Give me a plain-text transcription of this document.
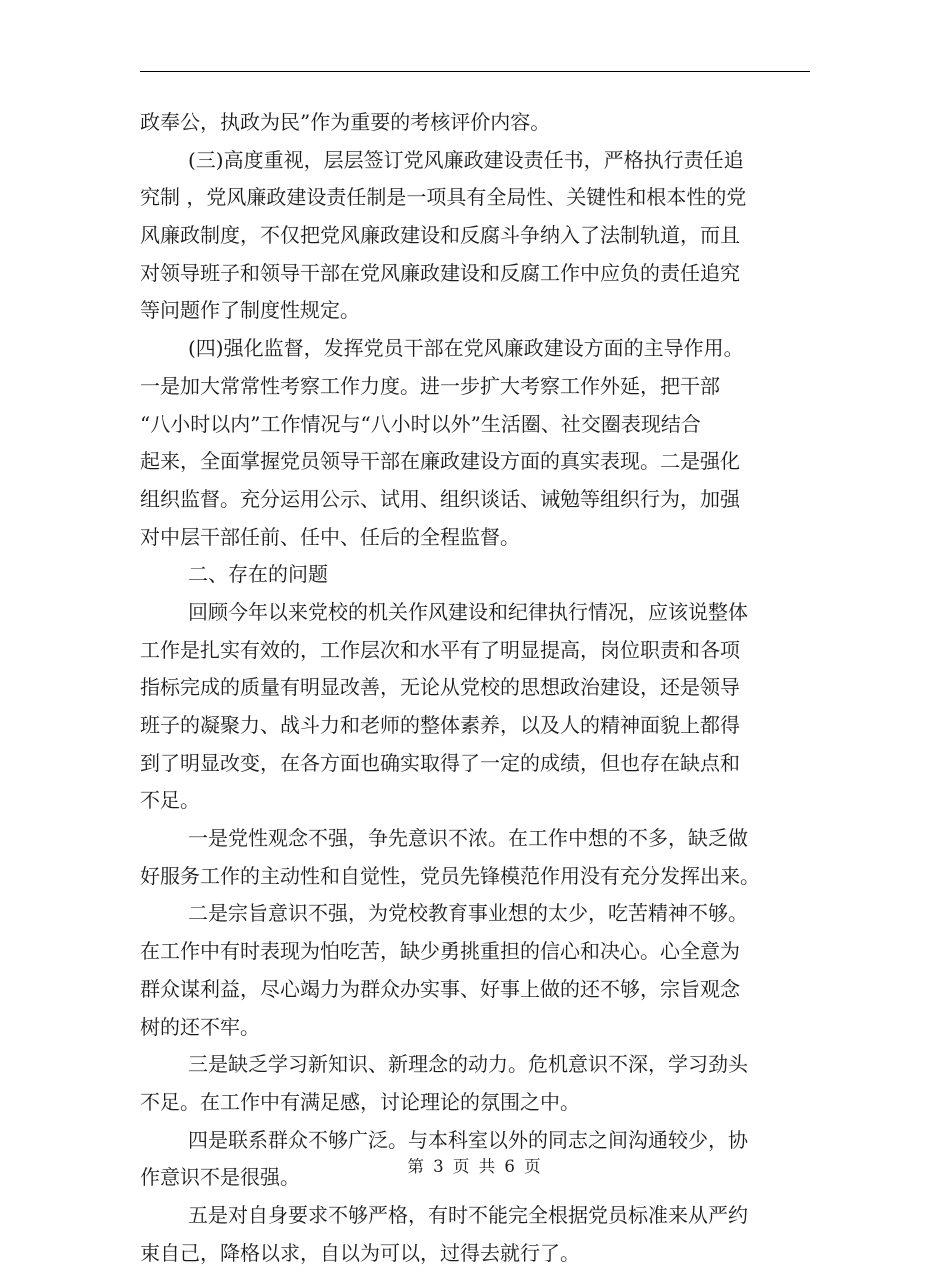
政奉公，执政为民”作为重要的考核评价内容。
(三)高度重视，层层签订党风廉政建设责任书，严格执行责任追
究制 ，党风廉政建设责任制是一项具有全局性、关键性和根本性的党
风廉政制度，不仅把党风廉政建设和反腐斗争纳入了法制轨道，而且
对领导班子和领导干部在党风廉政建设和反腐工作中应负的责任追究
等问题作了制度性规定。
(四)强化监督，发挥党员干部在党风廉政建设方面的主导作用。
一是加大常常性考察工作力度。进一步扩大考察工作外延，把干部
“八小时以内”工作情况与“八小时以外”生活圈、社交圈表现结合
起来，全面掌握党员领导干部在廉政建设方面的真实表现。二是强化
组织监督。充分运用公示、试用、组织谈话、诫勉等组织行为，加强
对中层干部任前、任中、任后的全程监督。
二、存在的问题
回顾今年以来党校的机关作风建设和纪律执行情况，应该说整体
工作是扎实有效的，工作层次和水平有了明显提高，岗位职责和各项
指标完成的质量有明显改善，无论从党校的思想政治建设，还是领导
班子的凝聚力、战斗力和老师的整体素养，以及人的精神面貌上都得
到了明显改变，在各方面也确实取得了一定的成绩，但也存在缺点和
不足。
一是党性观念不强，争先意识不浓。在工作中想的不多，缺乏做
好服务工作的主动性和自觉性，党员先锋模范作用没有充分发挥出来。
二是宗旨意识不强，为党校教育事业想的太少，吃苦精神不够。
在工作中有时表现为怕吃苦，缺少勇挑重担的信心和决心。心全意为
群众谋利益，尽心竭力为群众办实事、好事上做的还不够，宗旨观念
树的还不牢。
三是缺乏学习新知识、新理念的动力。危机意识不深，学习劲头
不足。在工作中有满足感，讨论理论的氛围之中。
四是联系群众不够广泛。与本科室以外的同志之间沟通较少，协
作意识不是很强。
五是对自身要求不够严格，有时不能完全根据党员标准来从严约
束自己，降格以求，自以为可以，过得去就行了。
第 3 页 共 6 页
